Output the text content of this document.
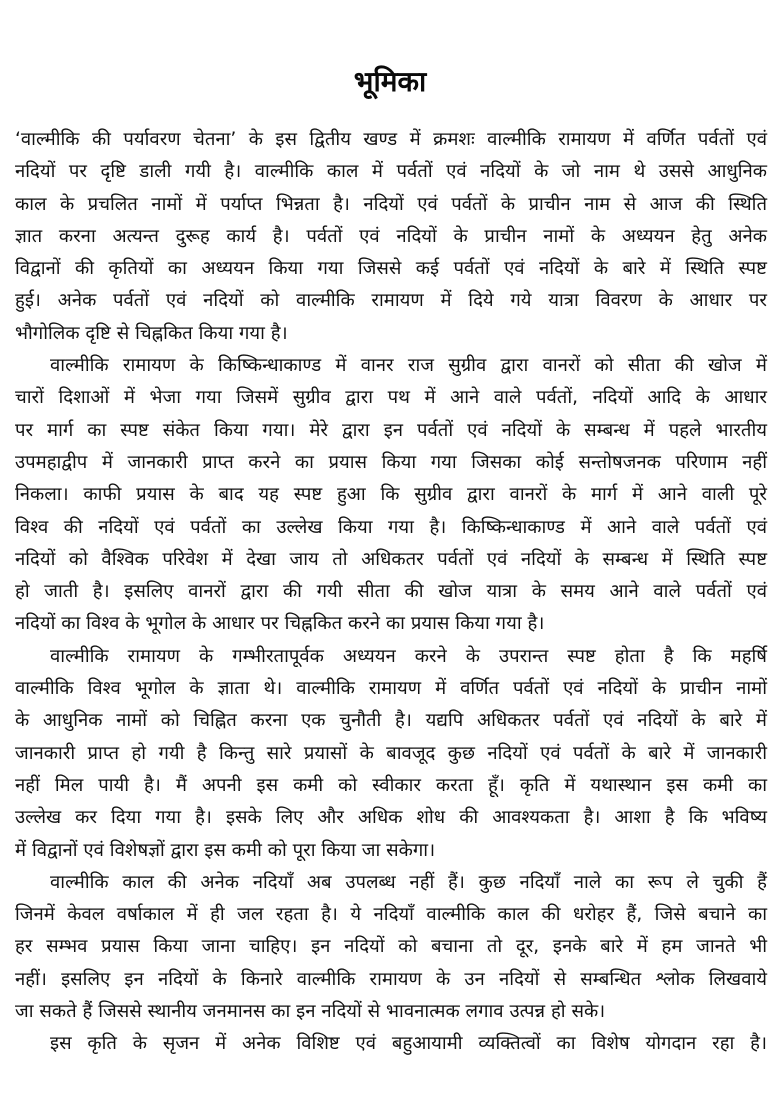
भूमिका
‘वाल्मीकि की पर्यावरण चेतना’ के इस द्वितीय खण्ड में क्रमशः वाल्मीकि रामायण में वर्णित पर्वतों एवं
नदियों पर दृष्टि डाली गयी है। वाल्मीकि काल में पर्वतों एवं नदियों के जो नाम थे उससे आधुनिक
काल के प्रचलित नामों में पर्याप्त भिन्नता है। नदियों एवं पर्वतों के प्राचीन नाम से आज की स्थिति
ज्ञात करना अत्यन्त दुरूह कार्य है। पर्वतों एवं नदियों के प्राचीन नामों के अध्ययन हेतु अनेक
विद्वानों की कृतियों का अध्ययन किया गया जिससे कई पर्वतों एवं नदियों के बारे में स्थिति स्पष्ट
हुई। अनेक पर्वतों एवं नदियों को वाल्मीकि रामायण में दिये गये यात्रा विवरण के आधार पर
भौगोलिक दृष्टि से चिह्नकित किया गया है।
वाल्मीकि रामायण के किष्किन्धाकाण्ड में वानर राज सुग्रीव द्वारा वानरों को सीता की खोज में
चारों दिशाओं में भेजा गया जिसमें सुग्रीव द्वारा पथ में आने वाले पर्वतों, नदियों आदि के आधार
पर मार्ग का स्पष्ट संकेत किया गया। मेरे द्वारा इन पर्वतों एवं नदियों के सम्बन्ध में पहले भारतीय
उपमहाद्वीप में जानकारी प्राप्त करने का प्रयास किया गया जिसका कोई सन्तोषजनक परिणाम नहीं
निकला। काफी प्रयास के बाद यह स्पष्ट हुआ कि सुग्रीव द्वारा वानरों के मार्ग में आने वाली पूरे
विश्व की नदियों एवं पर्वतों का उल्लेख किया गया है। किष्किन्धाकाण्ड में आने वाले पर्वतों एवं
नदियों को वैश्विक परिवेश में देखा जाय तो अधिकतर पर्वतों एवं नदियों के सम्बन्ध में स्थिति स्पष्ट
हो जाती है। इसलिए वानरों द्वारा की गयी सीता की खोज यात्रा के समय आने वाले पर्वतों एवं
नदियों का विश्व के भूगोल के आधार पर चिह्नकित करने का प्रयास किया गया है।
वाल्मीकि रामायण के गम्भीरतापूर्वक अध्ययन करने के उपरान्त स्पष्ट होता है कि महर्षि
वाल्मीकि विश्व भूगोल के ज्ञाता थे। वाल्मीकि रामायण में वर्णित पर्वतों एवं नदियों के प्राचीन नामों
के आधुनिक नामों को चिह्नित करना एक चुनौती है। यद्यपि अधिकतर पर्वतों एवं नदियों के बारे में
जानकारी प्राप्त हो गयी है किन्तु सारे प्रयासों के बावजूद कुछ नदियों एवं पर्वतों के बारे में जानकारी
नहीं मिल पायी है। मैं अपनी इस कमी को स्वीकार करता हूँ। कृति में यथास्थान इस कमी का
उल्लेख कर दिया गया है। इसके लिए और अधिक शोध की आवश्यकता है। आशा है कि भविष्य
में विद्वानों एवं विशेषज्ञों द्वारा इस कमी को पूरा किया जा सकेगा।
वाल्मीकि काल की अनेक नदियाँ अब उपलब्ध नहीं हैं। कुछ नदियाँ नाले का रूप ले चुकी हैं
जिनमें केवल वर्षाकाल में ही जल रहता है। ये नदियाँ वाल्मीकि काल की धरोहर हैं, जिसे बचाने का
हर सम्भव प्रयास किया जाना चाहिए। इन नदियों को बचाना तो दूर, इनके बारे में हम जानते भी
नहीं। इसलिए इन नदियों के किनारे वाल्मीकि रामायण के उन नदियों से सम्बन्धित श्लोक लिखवाये
जा सकते हैं जिससे स्थानीय जनमानस का इन नदियों से भावनात्मक लगाव उत्पन्न हो सके।
इस कृति के सृजन में अनेक विशिष्ट एवं बहुआयामी व्यक्तित्वों का विशेष योगदान रहा है।
